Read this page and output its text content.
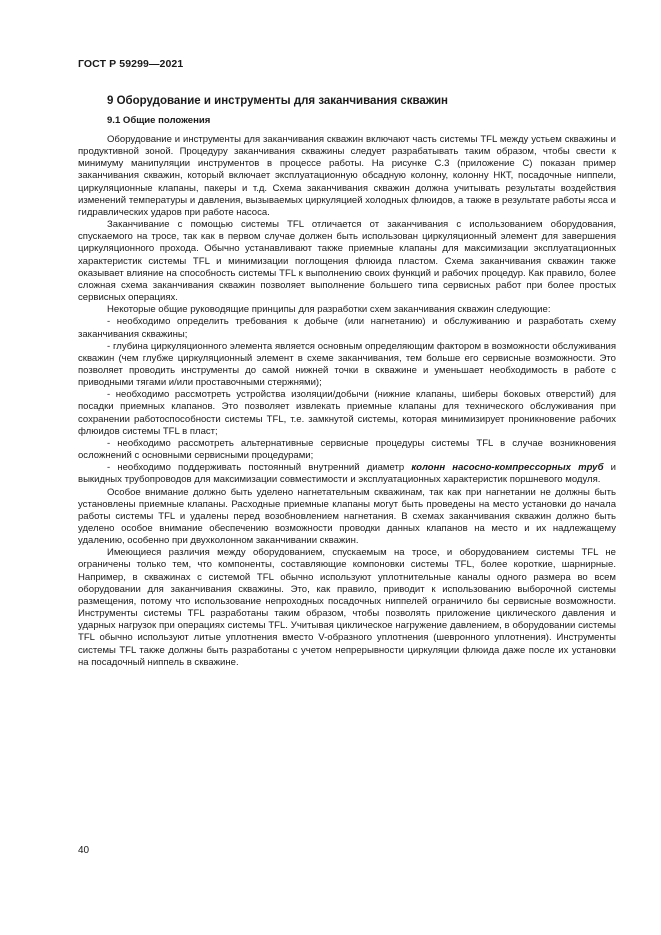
ГОСТ Р 59299—2021
9 Оборудование и инструменты для заканчивания скважин
9.1 Общие положения

Оборудование и инструменты для заканчивания скважин включают часть системы TFL между устьем скважины и продуктивной зоной. Процедуру заканчивания скважины следует разрабатывать таким образом, чтобы свести к минимуму манипуляции инструментов в процессе работы. На рисунке С.3 (приложение С) показан пример заканчивания скважин, который включает эксплуатационную обсадную колонну, колонну НКТ, посадочные ниппели, циркуляционные клапаны, пакеры и т.д. Схема заканчивания скважин должна учитывать результаты воздействия изменений температуры и давления, вызываемых циркуляцией холодных флюидов, а также в результате работы ясса и гидравлических ударов при работе насоса.

Заканчивание с помощью системы TFL отличается от заканчивания с использованием оборудования, спускаемого на тросе, так как в первом случае должен быть использован циркуляционный элемент для завершения циркуляционного прохода. Обычно устанавливают также приемные клапаны для максимизации эксплуатационных характеристик системы TFL и минимизации поглощения флюида пластом. Схема заканчивания скважин также оказывает влияние на способность системы TFL к выполнению своих функций и рабочих процедур. Как правило, более сложная схема заканчивания скважин позволяет выполнение большего типа сервисных работ при более простых сервисных операциях.

Некоторые общие руководящие принципы для разработки схем заканчивания скважин следующие:

- необходимо определить требования к добыче (или нагнетанию) и обслуживанию и разработать схему заканчивания скважины;

- глубина циркуляционного элемента является основным определяющим фактором в возможности обслуживания скважин (чем глубже циркуляционный элемент в схеме заканчивания, тем больше его сервисные возможности. Это позволяет проводить инструменты до самой нижней точки в скважине и уменьшает необходимость в работе с приводными тягами и/или проставочными стержнями);

- необходимо рассмотреть устройства изоляции/добычи (нижние клапаны, шиберы боковых отверстий) для посадки приемных клапанов. Это позволяет извлекать приемные клапаны для технического обслуживания при сохранении работоспособности системы TFL, т.е. замкнутой системы, которая минимизирует проникновение рабочих флюидов системы TFL в пласт;

- необходимо рассмотреть альтернативные сервисные процедуры системы TFL в случае возникновения осложнений с основными сервисными процедурами;

- необходимо поддерживать постоянный внутренний диаметр колонн насосно-компрессорных труб и выкидных трубопроводов для максимизации совместимости и эксплуатационных характеристик поршневого модуля.

Особое внимание должно быть уделено нагнетательным скважинам, так как при нагнетании не должны быть установлены приемные клапаны. Расходные приемные клапаны могут быть проведены на место установки до начала работы системы TFL и удалены перед возобновлением нагнетания. В схемах заканчивания скважин должно быть уделено особое внимание обеспечению возможности проводки данных клапанов на место и их надлежащему удалению, особенно при двухколонном заканчивании скважин.

Имеющиеся различия между оборудованием, спускаемым на тросе, и оборудованием системы TFL не ограничены только тем, что компоненты, составляющие компоновки системы TFL, более короткие, шарнирные. Например, в скважинах с системой TFL обычно используют уплотнительные каналы одного размера во всем оборудовании для заканчивания скважины. Это, как правило, приводит к использованию выборочной системы размещения, потому что использование непроходных посадочных ниппелей ограничило бы сервисные возможности. Инструменты системы TFL разработаны таким образом, чтобы позволять приложение циклического давления и ударных нагрузок при операциях системы TFL. Учитывая циклическое нагружение давлением, в оборудовании системы TFL обычно используют литые уплотнения вместо V-образного уплотнения (шевронного уплотнения). Инструменты системы TFL также должны быть разработаны с учетом непрерывности циркуляции флюида даже после их установки на посадочный ниппель в скважине.

40
